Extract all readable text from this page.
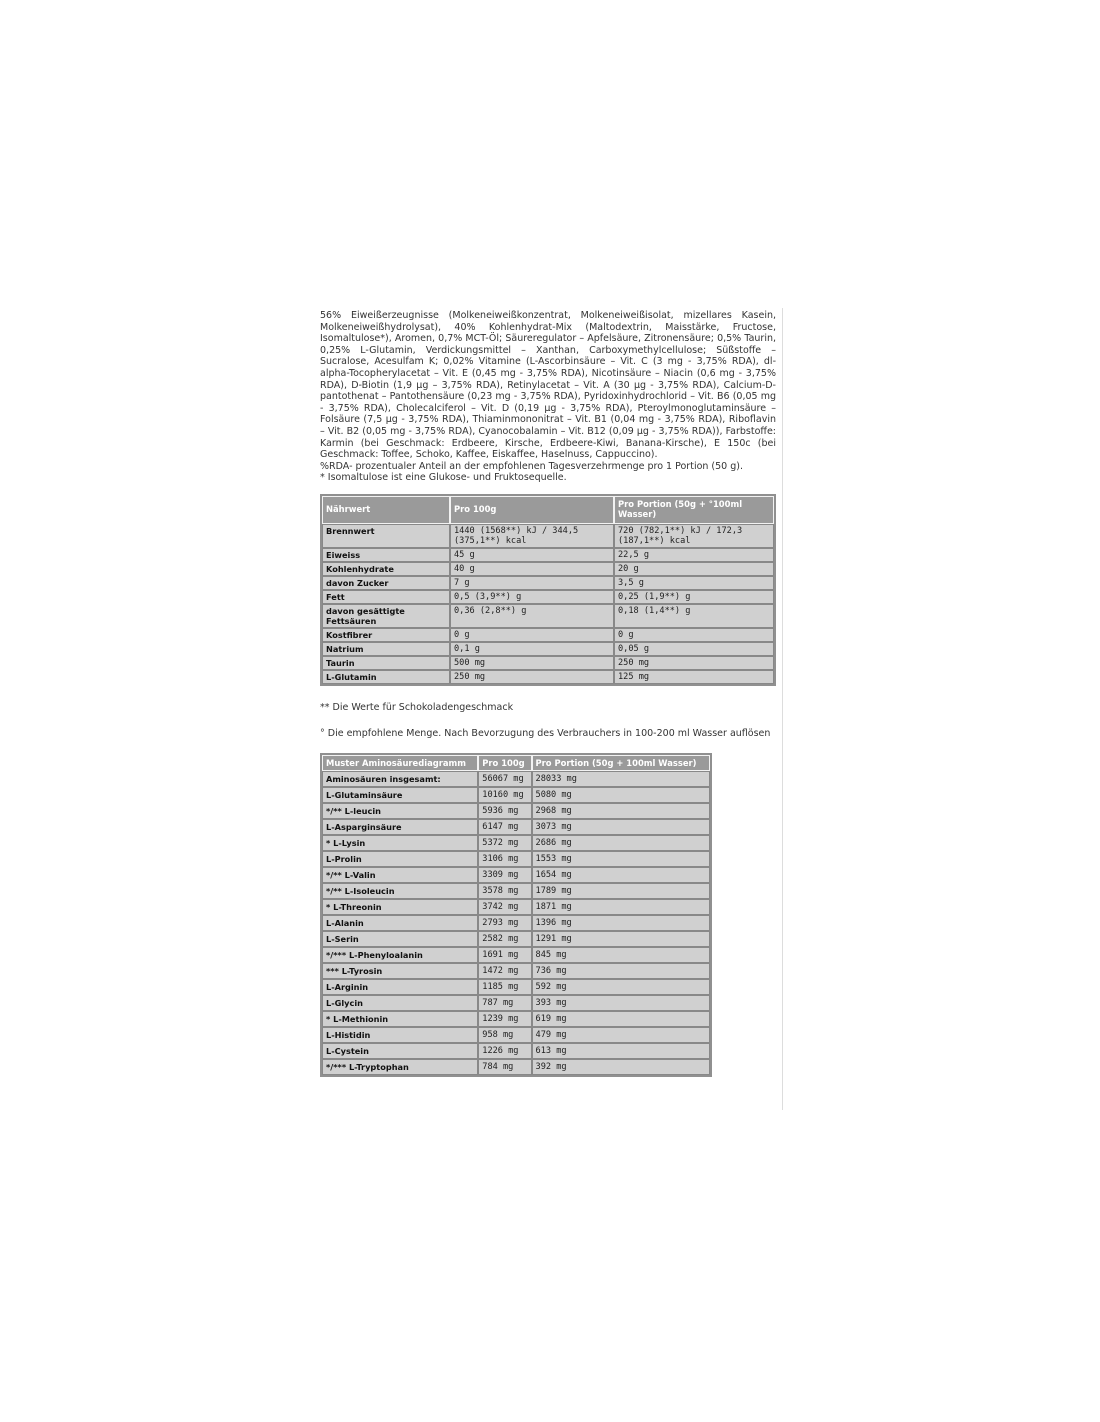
56% Eiweißerzeugnisse (Molkeneiweißkonzentrat, Molkeneiweißisolat, mizellares Kasein, Molkeneiweißhydrolysat), 40% Kohlenhydrat-Mix (Maltodextrin, Maisstärke, Fructose, Isomaltulose*), Aromen, 0,7% MCT-Öl; Säureregulator – Apfelsäure, Zitronensäure; 0,5% Taurin, 0,25% L-Glutamin, Verdickungsmittel – Xanthan, Carboxymethylcellulose; Süßstoffe – Sucralose, Acesulfam K; 0,02% Vitamine (L-Ascorbinsäure – Vit. C (3 mg - 3,75% RDA), dl-alpha-Tocopherylacetat – Vit. E (0,45 mg - 3,75% RDA), Nicotinsäure – Niacin (0,6 mg - 3,75% RDA), D-Biotin (1,9 µg – 3,75% RDA), Retinylacetat – Vit. A (30 µg - 3,75% RDA), Calcium-D-pantothenat – Pantothensäure (0,23 mg - 3,75% RDA), Pyridoxinhydrochlorid – Vit. B6 (0,05 mg - 3,75% RDA), Cholecalciferol – Vit. D (0,19 µg - 3,75% RDA), Pteroylmonoglutaminsäure – Folsäure (7,5 µg - 3,75% RDA), Thiaminmononitrat – Vit. B1 (0,04 mg - 3,75% RDA), Riboflavin – Vit. B2 (0,05 mg - 3,75% RDA), Cyanocobalamin – Vit. B12 (0,09 µg - 3,75% RDA)), Farbstoffe: Karmin (bei Geschmack: Erdbeere, Kirsche, Erdbeere-Kiwi, Banana-Kirsche), E 150c (bei Geschmack: Toffee, Schoko, Kaffee, Eiskaffee, Haselnuss, Cappuccino).
%RDA- prozentualer Anteil an der empfohlenen Tagesverzehrmenge pro 1 Portion (50 g).

* Isomaltulose ist eine Glukose- und Fruktosequelle.

Nährwert	Pro 100g	Pro Portion (50g + °100ml Wasser)
Brennwert	1440 (1568**) kJ / 344,5 (375,1**) kcal	720 (782,1**) kJ / 172,3 (187,1**) kcal
Eiweiss	45 g	22,5 g
Kohlenhydrate	40 g	20 g
davon Zucker	7 g	3,5 g
Fett	0,5 (3,9**) g	0,25 (1,9**) g
davon gesättigte Fettsäuren	0,36 (2,8**) g	0,18 (1,4**) g
Kostfibrer	0 g	0 g
Natrium	0,1 g	0,05 g
Taurin	500 mg	250 mg
L-Glutamin	250 mg	125 mg

** Die Werte für Schokoladengeschmack

° Die empfohlene Menge. Nach Bevorzugung des Verbrauchers in 100-200 ml Wasser auflösen

Muster Aminosäurediagramm	Pro 100g	Pro Portion (50g + 100ml Wasser)
Aminosäuren insgesamt:	56067 mg	28033 mg
L-Glutaminsäure	10160 mg	5080 mg
*/** L-leucin	5936 mg	2968 mg
L-Asparginsäure	6147 mg	3073 mg
* L-Lysin	5372 mg	2686 mg
L-Prolin	3106 mg	1553 mg
*/** L-Valin	3309 mg	1654 mg
*/** L-Isoleucin	3578 mg	1789 mg
* L-Threonin	3742 mg	1871 mg
L-Alanin	2793 mg	1396 mg
L-Serin	2582 mg	1291 mg
*/*** L-Phenyloalanin	1691 mg	845 mg
*** L-Tyrosin	1472 mg	736 mg
L-Arginin	1185 mg	592 mg
L-Glycin	787 mg	393 mg
* L-Methionin	1239 mg	619 mg
L-Histidin	958 mg	479 mg
L-Cystein	1226 mg	613 mg
*/*** L-Tryptophan	784 mg	392 mg
